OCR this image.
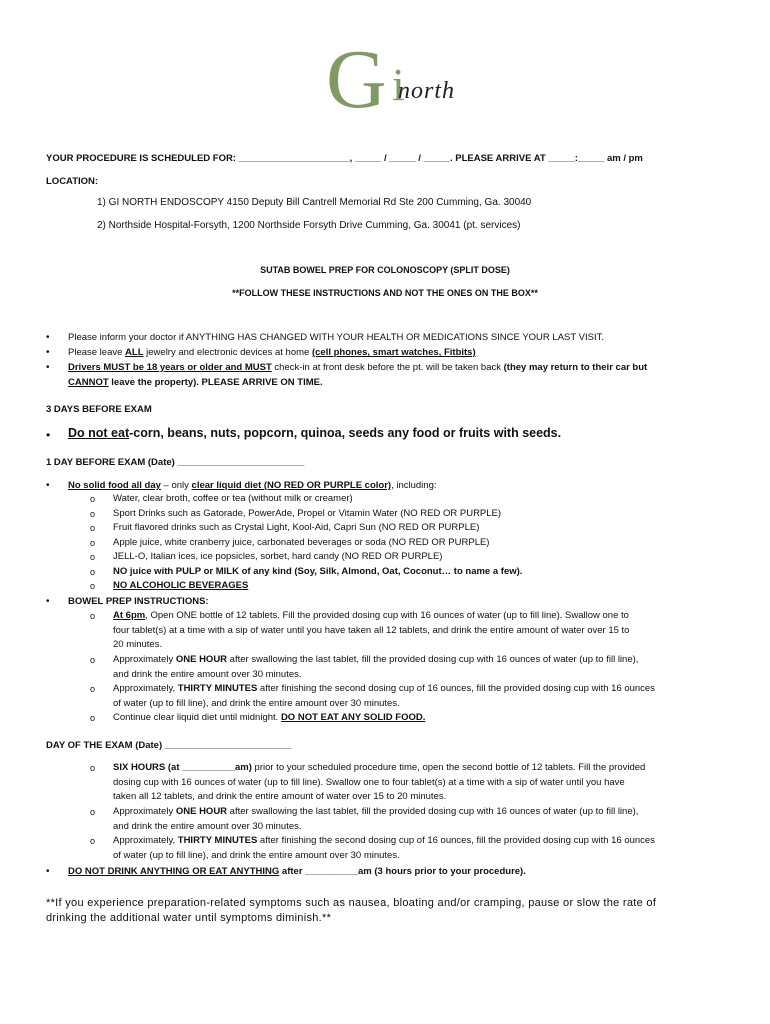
G i
north
YOUR PROCEDURE IS SCHEDULED FOR: _____________________, _____ / _____ / _____. PLEASE ARRIVE AT _____:_____ am / pm
LOCATION:
1) GI NORTH ENDOSCOPY 4150 Deputy Bill Cantrell Memorial Rd Ste 200 Cumming, Ga. 30040
2) Northside Hospital-Forsyth, 1200 Northside Forsyth Drive Cumming, Ga. 30041 (pt. services)
SUTAB BOWEL PREP FOR COLONOSCOPY (SPLIT DOSE)
**FOLLOW THESE INSTRUCTIONS AND NOT THE ONES ON THE BOX**
• Please inform your doctor if ANYTHING HAS CHANGED WITH YOUR HEALTH OR MEDICATIONS SINCE YOUR LAST VISIT.
• Please leave ALL jewelry and electronic devices at home (cell phones, smart watches, Fitbits)
• Drivers MUST be 18 years or older and MUST check-in at front desk before the pt. will be taken back (they may return to their car but
CANNOT leave the property). PLEASE ARRIVE ON TIME.
3 DAYS BEFORE EXAM
• Do not eat-corn, beans, nuts, popcorn, quinoa, seeds any food or fruits with seeds.
1 DAY BEFORE EXAM (Date) ________________________
• No solid food all day – only clear liquid diet (NO RED OR PURPLE color), including:
o Water, clear broth, coffee or tea (without milk or creamer)
o Sport Drinks such as Gatorade, PowerAde, Propel or Vitamin Water (NO RED OR PURPLE)
o Fruit flavored drinks such as Crystal Light, Kool-Aid, Capri Sun (NO RED OR PURPLE)
o Apple juice, white cranberry juice, carbonated beverages or soda (NO RED OR PURPLE)
o JELL-O, Italian ices, ice popsicles, sorbet, hard candy (NO RED OR PURPLE)
o NO juice with PULP or MILK of any kind (Soy, Silk, Almond, Oat, Coconut… to name a few).
o NO ALCOHOLIC BEVERAGES
• BOWEL PREP INSTRUCTIONS:
o At 6pm, Open ONE bottle of 12 tablets. Fill the provided dosing cup with 16 ounces of water (up to fill line). Swallow one to
four tablet(s) at a time with a sip of water until you have taken all 12 tablets, and drink the entire amount of water over 15 to
20 minutes.
o Approximately ONE HOUR after swallowing the last tablet, fill the provided dosing cup with 16 ounces of water (up to fill line),
and drink the entire amount over 30 minutes.
o Approximately, THIRTY MINUTES after finishing the second dosing cup of 16 ounces, fill the provided dosing cup with 16 ounces
of water (up to fill line), and drink the entire amount over 30 minutes.
o Continue clear liquid diet until midnight. DO NOT EAT ANY SOLID FOOD.
DAY OF THE EXAM (Date) ________________________
o SIX HOURS (at __________am) prior to your scheduled procedure time, open the second bottle of 12 tablets. Fill the provided
dosing cup with 16 ounces of water (up to fill line). Swallow one to four tablet(s) at a time with a sip of water until you have
taken all 12 tablets, and drink the entire amount of water over 15 to 20 minutes.
o Approximately ONE HOUR after swallowing the last tablet, fill the provided dosing cup with 16 ounces of water (up to fill line),
and drink the entire amount over 30 minutes.
o Approximately, THIRTY MINUTES after finishing the second dosing cup of 16 ounces, fill the provided dosing cup with 16 ounces
of water (up to fill line), and drink the entire amount over 30 minutes.
• DO NOT DRINK ANYTHING OR EAT ANYTHING after __________am (3 hours prior to your procedure).
**If you experience preparation-related symptoms such as nausea, bloating and/or cramping, pause or slow the rate of
drinking the additional water until symptoms diminish.**
